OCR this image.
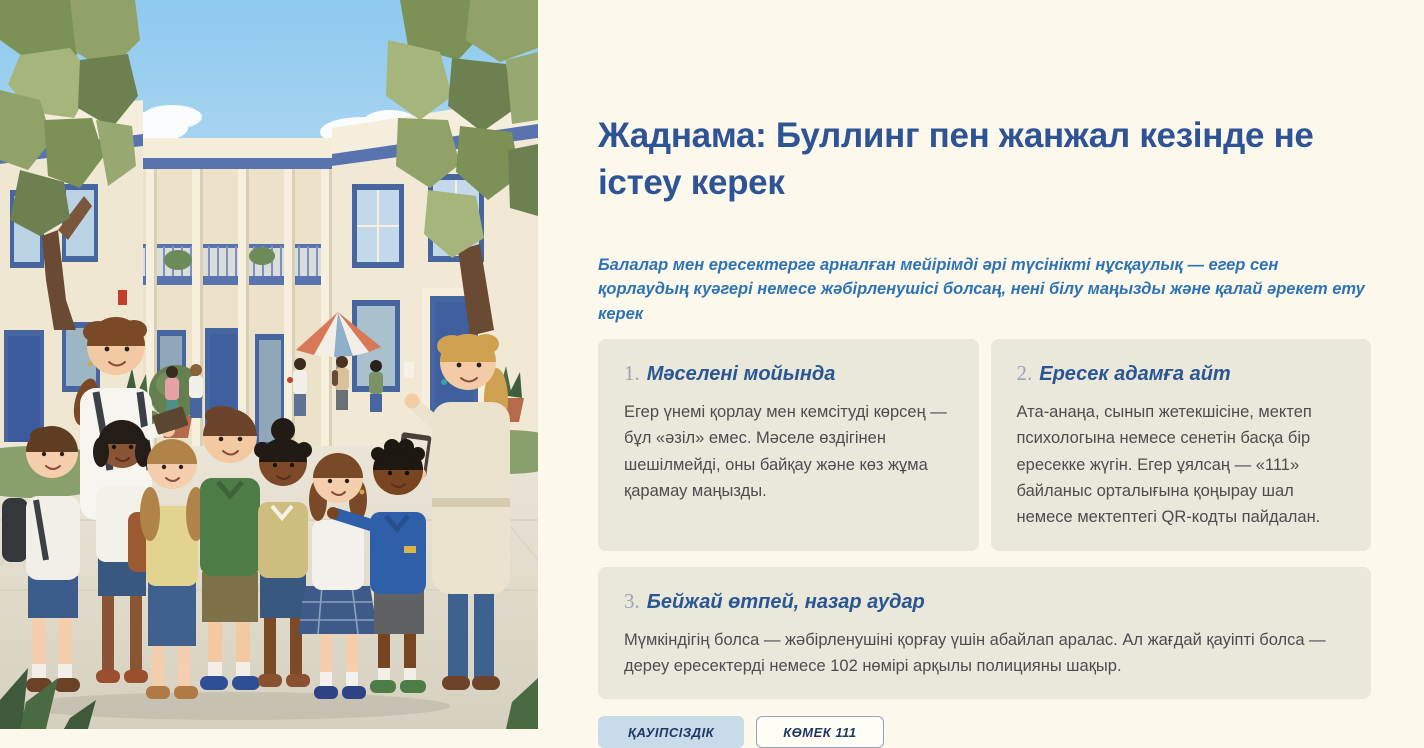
Жаднама: Буллинг пен жанжал кезінде не істеу керек

Балалар мен ересектерге арналған мейірімді әрі түсінікті нұсқаулық — егер сен қорлаудың куәгері немесе жәбірленушісі болсаң, нені білу маңызды және қалай әрекет ету керек

1. Мәселені мойында

Егер үнемі қорлау мен кемсітуді көрсең — бұл «әзіл» емес. Мәселе өздігінен шешілмейді, оны байқау және көз жұма қарамау маңызды.

2. Ересек адамға айт

Ата-анаңа, сынып жетекшісіне, мектеп психологына немесе сенетін басқа бір ересекке жүгін. Егер ұялсаң — «111» байланыс орталығына қоңырау шал немесе мектептегі QR-кодты пайдалан.

3. Бейжай өтпей, назар аудар

Мүмкіндігің болса — жәбірленушіні қорғау үшін абайлап аралас. Ал жағдай қауіпті болса — дереу ересектерді немесе 102 нөмірі арқылы полицияны шақыр.

ҚАУІПСІЗДІК	КӨМЕК 111
